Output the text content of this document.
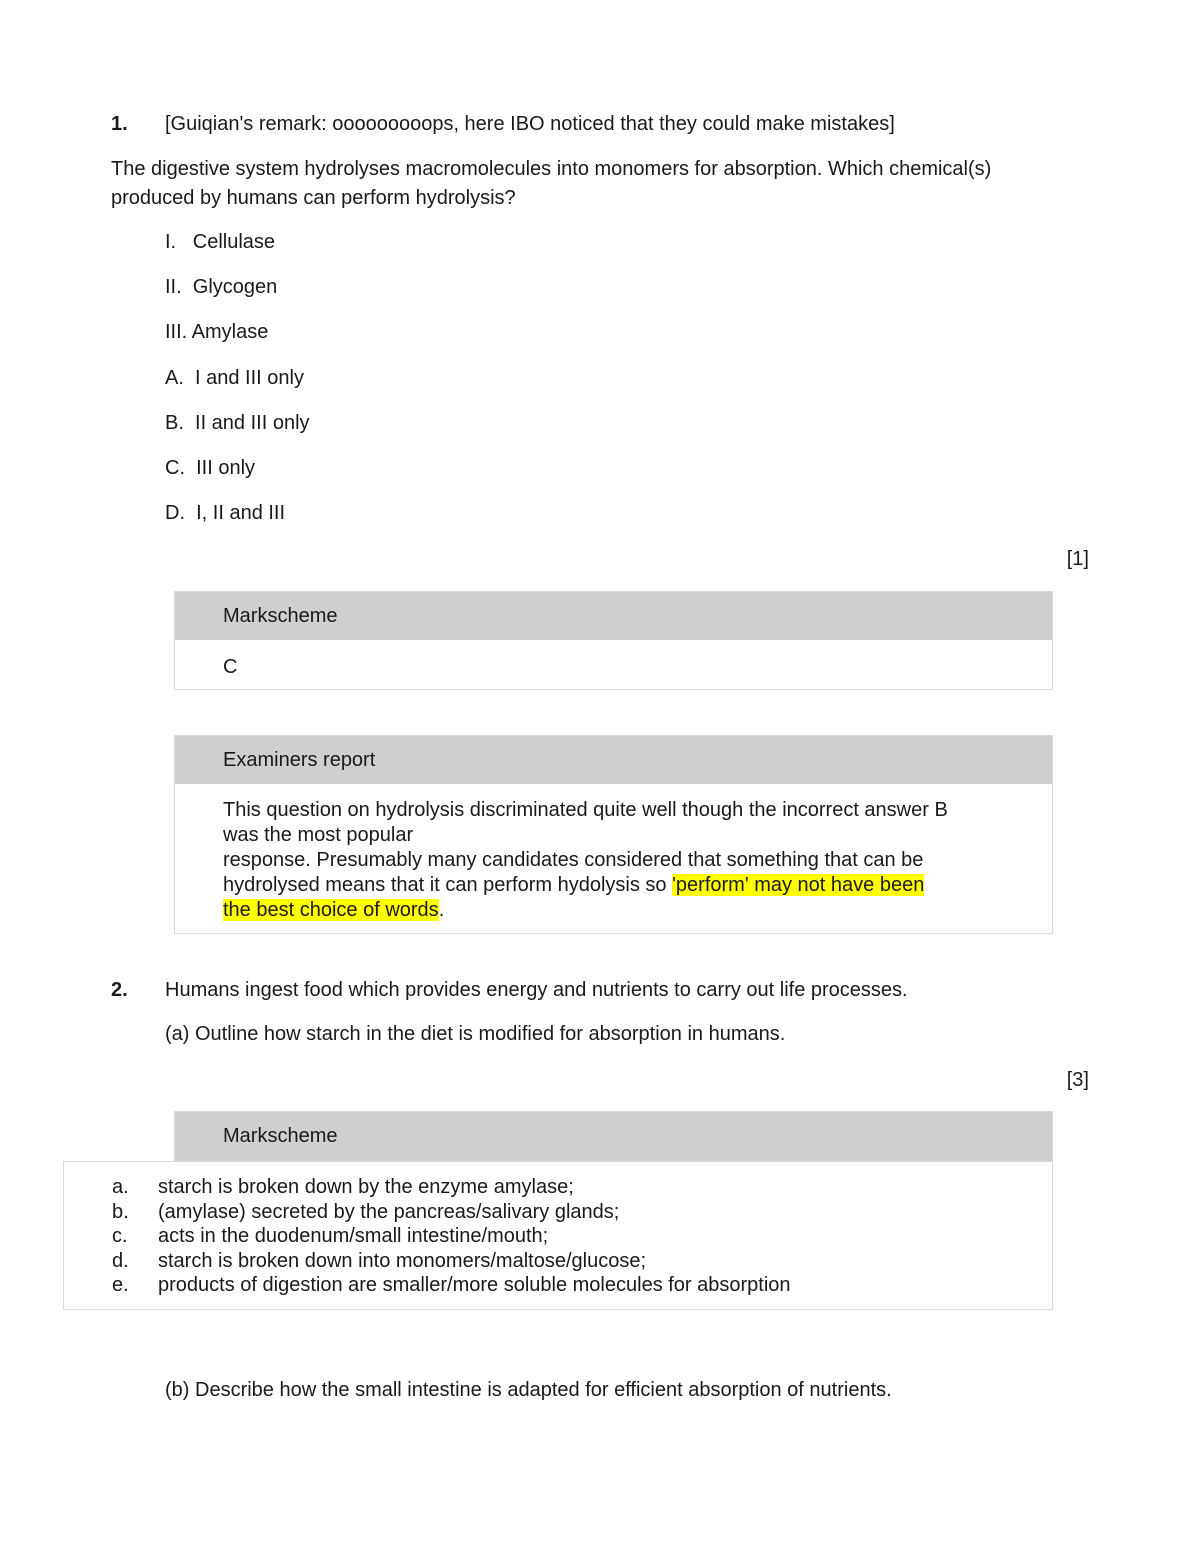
1. [Guiqian's remark: ooooooooops, here IBO noticed that they could make mistakes]
The digestive system hydrolyses macromolecules into monomers for absorption. Which chemical(s)
produced by humans can perform hydrolysis?
I.   Cellulase
II.  Glycogen
III. Amylase
A.  I and III only
B.  II and III only
C.  III only
D.  I, II and III
[1]
Markscheme
C
Examiners report
This question on hydrolysis discriminated quite well though the incorrect answer B
was the most popular
response. Presumably many candidates considered that something that can be
hydrolysed means that it can perform hydolysis so 'perform' may not have been
the best choice of words.
2. Humans ingest food which provides energy and nutrients to carry out life processes.
(a) Outline how starch in the diet is modified for absorption in humans.
[3]
Markscheme
a. starch is broken down by the enzyme amylase;
b. (amylase) secreted by the pancreas/salivary glands;
c. acts in the duodenum/small intestine/mouth;
d. starch is broken down into monomers/maltose/glucose;
e. products of digestion are smaller/more soluble molecules for absorption
(b) Describe how the small intestine is adapted for efficient absorption of nutrients.
